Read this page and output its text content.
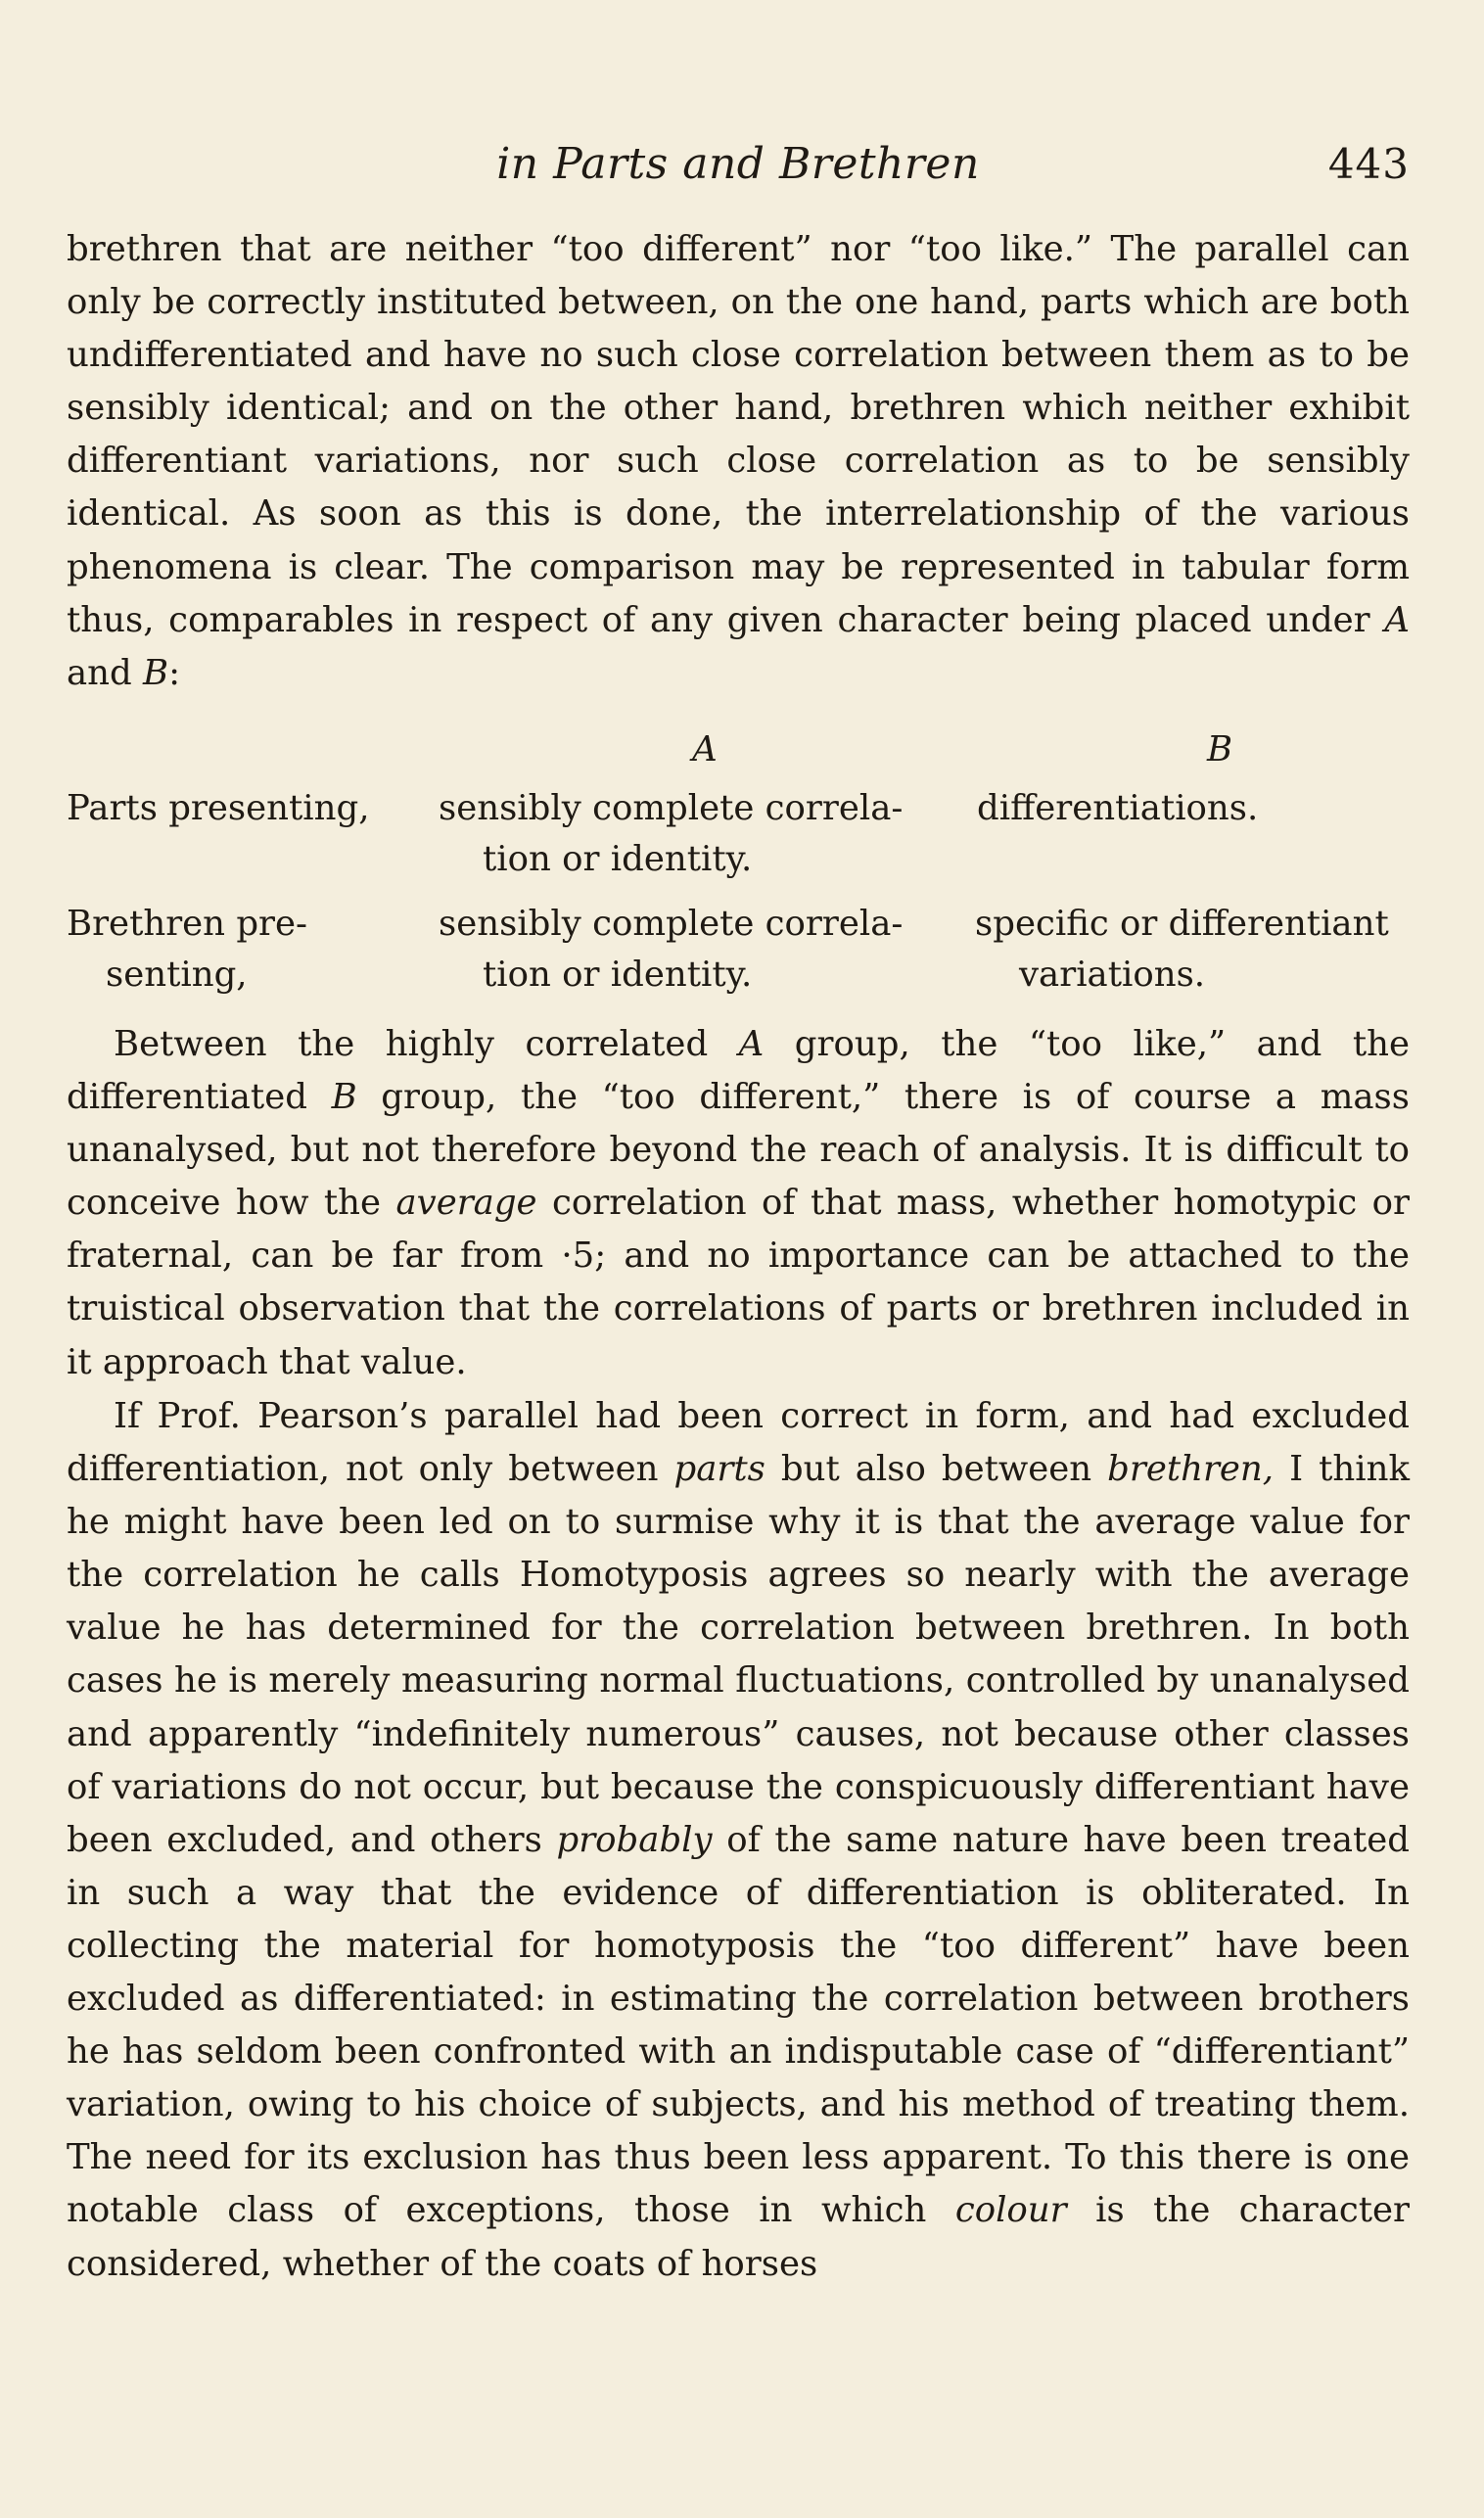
in Parts and Brethren	443

brethren that are neither “too different” nor “too like.” The parallel can only be correctly instituted between, on the one hand, parts which are both undifferentiated and have no such close correlation between them as to be sensibly identical; and on the other hand, brethren which neither exhibit differentiant variations, nor such close correlation as to be sensibly identical. As soon as this is done, the interrelationship of the various phenomena is clear. The comparison may be represented in tabular form thus, comparables in respect of any given character being placed under A and B:

A	B
Parts presenting, sensibly complete correla-
tion or identity.
differentiations.
Brethren pre-
senting,
sensibly complete correla-
tion or identity.
specific or differentiant
variations.

Between the highly correlated A group, the “too like,” and the differentiated B group, the “too different,” there is of course a mass unanalysed, but not therefore beyond the reach of analysis. It is difficult to conceive how the average correlation of that mass, whether homotypic or fraternal, can be far from ·5; and no importance can be attached to the truistical observation that the correlations of parts or brethren included in it approach that value.

If Prof. Pearson’s parallel had been correct in form, and had excluded differentiation, not only between parts but also between brethren, I think he might have been led on to surmise why it is that the average value for the correlation he calls Homotyposis agrees so nearly with the average value he has determined for the correlation between brethren. In both cases he is merely measuring normal fluctuations, controlled by unanalysed and apparently “indefinitely numerous” causes, not because other classes of variations do not occur, but because the conspicuously differentiant have been excluded, and others probably of the same nature have been treated in such a way that the evidence of differentiation is obliterated. In collecting the material for homotyposis the “too different” have been excluded as differentiated: in estimating the correlation between brothers he has seldom been confronted with an indisputable case of “differentiant” variation, owing to his choice of subjects, and his method of treating them. The need for its exclusion has thus been less apparent. To this there is one notable class of exceptions, those in which colour is the character considered, whether of the coats of horses
